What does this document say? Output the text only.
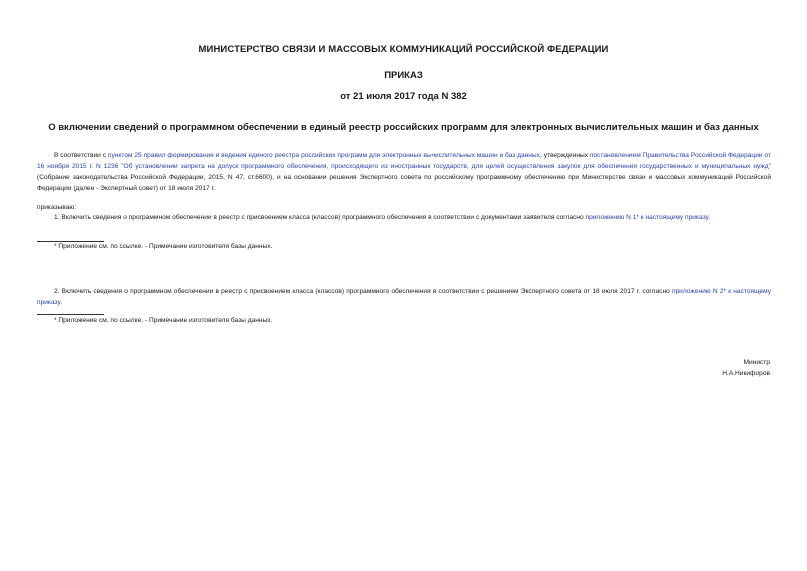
МИНИСТЕРСТВО СВЯЗИ И МАССОВЫХ КОММУНИКАЦИЙ РОССИЙСКОЙ ФЕДЕРАЦИИ
ПРИКАЗ
от 21 июля 2017 года N 382
О включении сведений о программном обеспечении в единый реестр российских программ для электронных вычислительных машин и баз данных
В соответствии с пунктом 25 правил формирования и ведения единого реестра российских программ для электронных вычислительных машин и баз данных, утвержденных постановлением Правительства Российской Федерации от 16 ноября 2015 г. N 1236 "Об установлении запрета на допуск программного обеспечения, происходящего из иностранных государств, для целей осуществления закупок для обеспечения государственных и муниципальных нужд" (Собрание законодательства Российской Федерации, 2015, N 47, ст.6600), и на основании решения Экспертного совета по российскому программному обеспечению при Министерстве связи и массовых коммуникаций Российской Федерации (далее - Экспертный совет) от 18 июля 2017 г.
приказываю:
1. Включить сведения о программном обеспечении в реестр с присвоением класса (классов) программного обеспечения в соответствии с документами заявителя согласно приложению N 1* к настоящему приказу.
* Приложение см. по ссылке. - Примечание изготовителя базы данных.
2. Включить сведения о программном обеспечении в реестр с присвоением класса (классов) программного обеспечения в соответствии с решением Экспертного совета от 18 июля 2017 г. согласно приложению N 2* к настоящему приказу.
* Приложение см. по ссылке. - Примечание изготовителя базы данных.
Министр
Н.А.Никифоров
